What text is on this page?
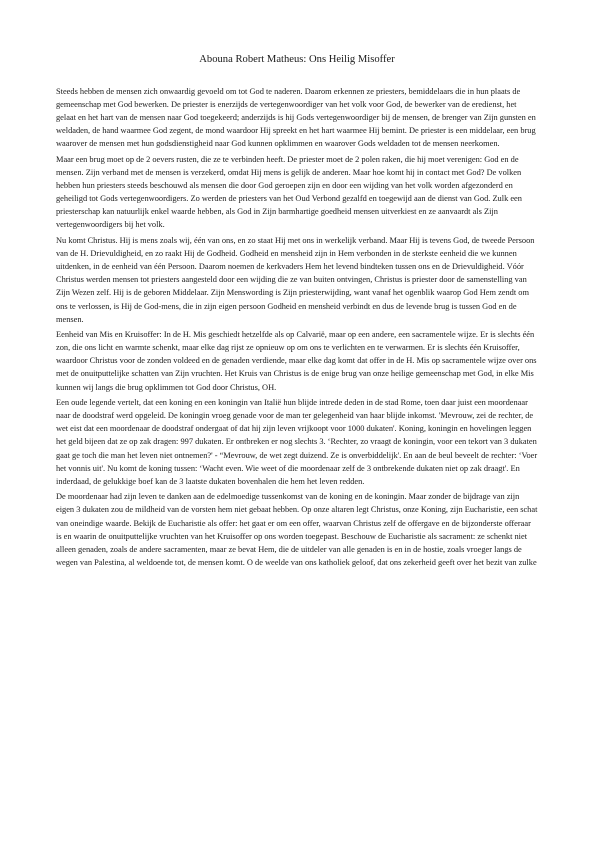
Abouna Robert Matheus: Ons Heilig Misoffer

Steeds hebben de mensen zich onwaardig gevoeld om tot God te naderen. Daarom erkennen ze priesters, bemiddelaars die in hun plaats de gemeenschap met God bewerken. De priester is enerzijds de vertegenwoordiger van het volk voor God, de bewerker van de eredienst, het gelaat en het hart van de mensen naar God toegekeerd; anderzijds is hij Gods vertegenwoordiger bij de mensen, de brenger van Zijn gunsten en weldaden, de hand waarmee God zegent, de mond waardoor Hij spreekt en het hart waarmee Hij bemint. De priester is een middelaar, een brug waarover de mensen met hun godsdienstigheid naar God kunnen opklimmen en waarover Gods weldaden tot de mensen neerkomen.

Maar een brug moet op de 2 oevers rusten, die ze te verbinden heeft. De priester moet de 2 polen raken, die hij moet verenigen: God en de mensen. Zijn verband met de mensen is verzekerd, omdat Hij mens is gelijk de anderen. Maar hoe komt hij in contact met God? De volken hebben hun priesters steeds beschouwd als mensen die door God geroepen zijn en door een wijding van het volk worden afgezonderd en geheiligd tot Gods vertegenwoordigers. Zo werden de priesters van het Oud Verbond gezalfd en toegewijd aan de dienst van God. Zulk een priesterschap kan natuurlijk enkel waarde hebben, als God in Zijn barmhartige goedheid mensen uitverkiest en ze aanvaardt als Zijn vertegenwoordigers bij het volk.

Nu komt Christus. Hij is mens zoals wij, één van ons, en zo staat Hij met ons in werkelijk verband. Maar Hij is tevens God, de tweede Persoon van de H. Drievuldigheid, en zo raakt Hij de Godheid. Godheid en mensheid zijn in Hem verbonden in de sterkste eenheid die we kunnen uitdenken, in de eenheid van één Persoon. Daarom noemen de kerkvaders Hem het levend bindteken tussen ons en de Drievuldigheid. Vóór Christus werden mensen tot priesters aangesteld door een wijding die ze van buiten ontvingen, Christus is priester door de samenstelling van Zijn Wezen zelf. Hij is de geboren Middelaar. Zijn Menswording is Zijn priesterwijding, want vanaf het ogenblik waarop God Hem zendt om ons te verlossen, is Hij de God-mens, die in zijn eigen persoon Godheid en mensheid verbindt en dus de levende brug is tussen God en de mensen.

Eenheid van Mis en Kruisoffer: In de H. Mis geschiedt hetzelfde als op Calvarië, maar op een andere, een sacramentele wijze. Er is slechts één zon, die ons licht en warmte schenkt, maar elke dag rijst ze opnieuw op om ons te verlichten en te verwarmen. Er is slechts één Kruisoffer, waardoor Christus voor de zonden voldeed en de genaden verdiende, maar elke dag komt dat offer in de H. Mis op sacramentele wijze over ons met de onuitputtelijke schatten van Zijn vruchten. Het Kruis van Christus is de enige brug van onze heilige gemeenschap met God, in elke Mis kunnen wij langs die brug opklimmen tot God door Christus, OH.

Een oude legende vertelt, dat een koning en een koningin van Italië hun blijde intrede deden in de stad Rome, toen daar juist een moordenaar naar de doodstraf werd opgeleid. De koningin vroeg genade voor de man ter gelegenheid van haar blijde inkomst. 'Mevrouw, zei de rechter, de wet eist dat een moordenaar de doodstraf ondergaat of dat hij zijn leven vrijkoopt voor 1000 dukaten'. Koning, koningin en hovelingen leggen het geld bijeen dat ze op zak dragen: 997 dukaten. Er ontbreken er nog slechts 3. ‘Rechter, zo vraagt de koningin, voor een tekort van 3 dukaten gaat ge toch die man het leven niet ontnemen?' - “Mevrouw, de wet zegt duizend. Ze is onverbiddelijk'. En aan de beul beveelt de rechter: ‘Voer het vonnis uit'. Nu komt de koning tussen: ‘Wacht even. Wie weet of die moordenaar zelf de 3 ontbrekende dukaten niet op zak draagt'. En inderdaad, de gelukkige boef kan de 3 laatste dukaten bovenhalen die hem het leven redden.

De moordenaar had zijn leven te danken aan de edelmoedige tussenkomst van de koning en de koningin. Maar zonder de bijdrage van zijn eigen 3 dukaten zou de mildheid van de vorsten hem niet gebaat hebben. Op onze altaren legt Christus, onze Koning, zijn Eucharistie, een schat van oneindige waarde. Bekijk de Eucharistie als offer: het gaat er om een offer, waarvan Christus zelf de offergave en de bijzonderste offeraar is en waarin de onuitputtelijke vruchten van het Kruisoffer op ons worden toegepast. Beschouw de Eucharistie als sacrament: ze schenkt niet alleen genaden, zoals de andere sacramenten, maar ze bevat Hem, die de uitdeler van alle genaden is en in de hostie, zoals vroeger langs de wegen van Palestina, al weldoende tot, de mensen komt. O de weelde van ons katholiek geloof, dat ons zekerheid geeft over het bezit van zulke
